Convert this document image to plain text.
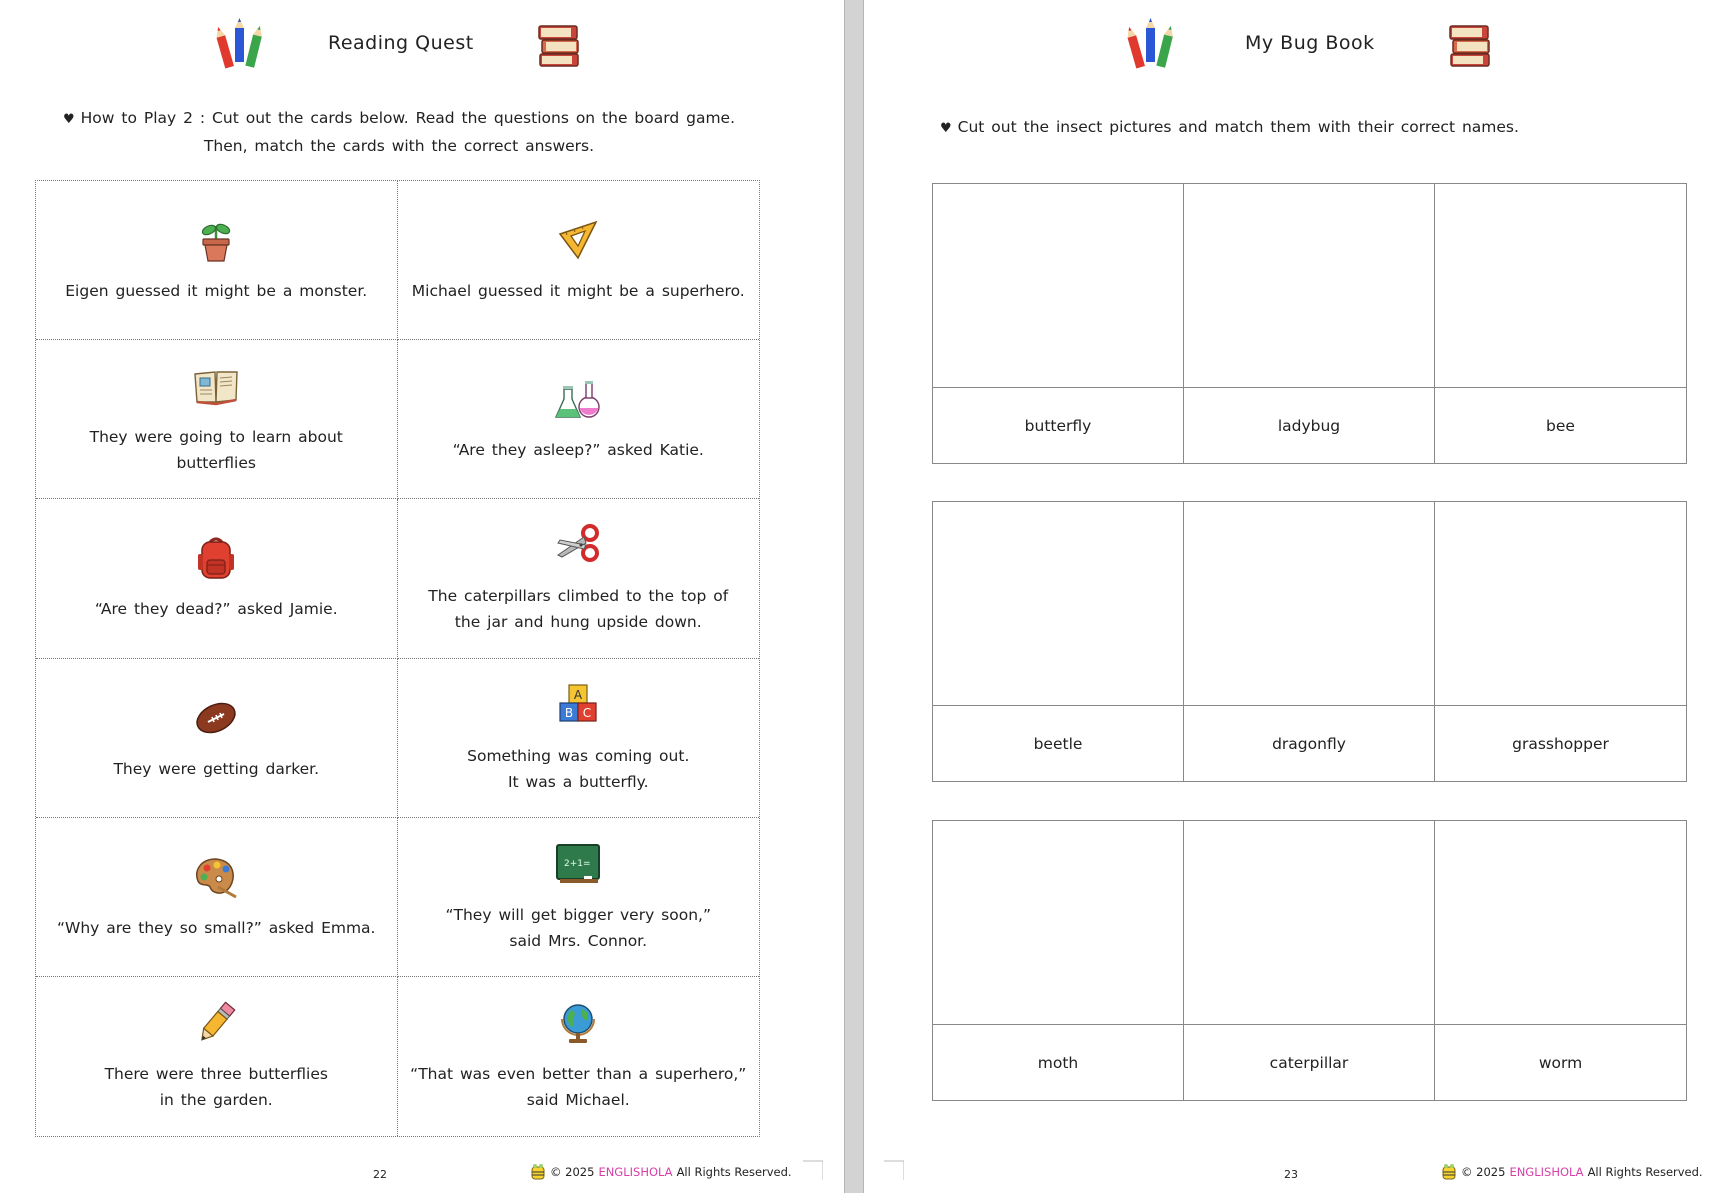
Reading Quest
♥ How to Play 2 : Cut out the cards below. Read the questions on the board game.
Then, match the cards with the correct answers.
Eigen guessed it might be a monster.	Michael guessed it might be a superhero.
They were going to learn about
butterflies
“Are they asleep?” asked Katie.
“Are they dead?” asked Jamie.
The caterpillars climbed to the top of
the jar and hung upside down.
They were getting darker.
A
B C
Something was coming out.
It was a butterfly.
“Why are they so small?” asked Emma.
2+1=
“They will get bigger very soon,”
said Mrs. Connor.
There were three butterflies
in the garden.
“That was even better than a superhero,”
said Michael.
22	© 2025 ENGLISHOLA All Rights Reserved.
My Bug Book
♥ Cut out the insect pictures and match them with their correct names.
butterfly	ladybug	bee
beetle	dragonfly	grasshopper
moth	caterpillar	worm
23	© 2025 ENGLISHOLA All Rights Reserved.
